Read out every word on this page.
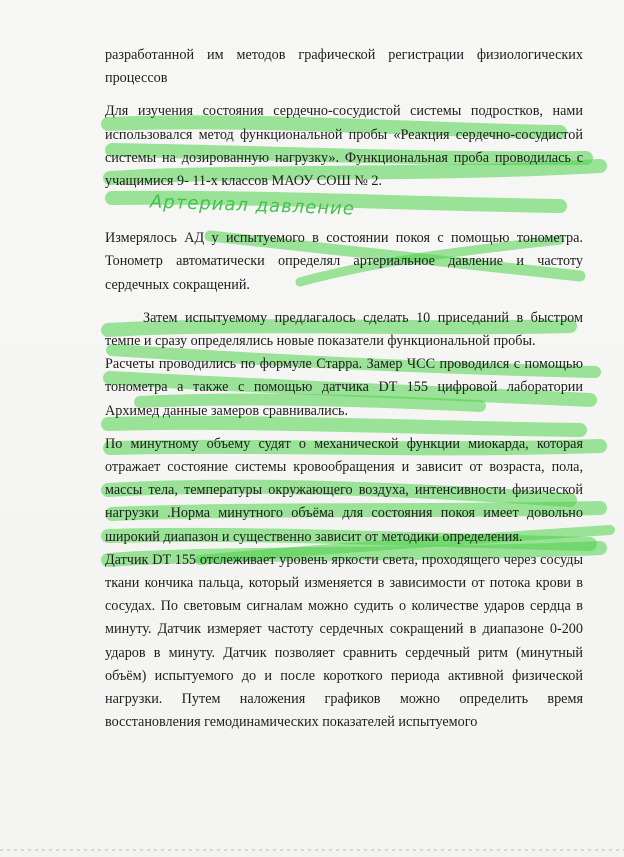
Артериал давление

разработанной им методов графической регистрации физиологических процессов

Для изучения состояния сердечно-сосудистой системы подростков, нами использовался метод функциональной пробы «Реакция сердечно-сосудистой системы на дозированную нагрузку». Функциональная проба проводилась с учащимися 9- 11-х классов МАОУ СОШ № 2.

Измерялось АД у испытуемого в состоянии покоя с помощью тонометра. Тонометр автоматически определял артериальное давление и частоту сердечных сокращений.

Затем испытуемому предлагалось сделать 10 приседаний в быстром темпе и сразу определялись новые показатели функциональной пробы.

Расчеты проводились по формуле Старра. Замер ЧСС проводился с помощью тонометра а также с помощью датчика DT 155 цифровой лаборатории Архимед данные замеров сравнивались.

По минутному объему судят о механической функции миокарда, которая отражает состояние системы кровообращения и зависит от возраста, пола, массы тела, температуры окружающего воздуха, интенсивности физической нагрузки .Норма минутного объёма для состояния покоя имеет довольно широкий диапазон и существенно зависит от методики определения.

Датчик DT 155 отслеживает уровень яркости света, проходящего через сосуды ткани кончика пальца, который изменяется в зависимости от потока крови в сосудах. По световым сигналам можно судить о количестве ударов сердца в минуту. Датчик измеряет частоту сердечных сокращений в диапазоне 0-200 ударов в минуту. Датчик позволяет сравнить сердечный ритм (минутный объём) испытуемого до и после короткого периода активной физической нагрузки. Путем наложения графиков можно определить время восстановления гемодинамических показателей испытуемого
